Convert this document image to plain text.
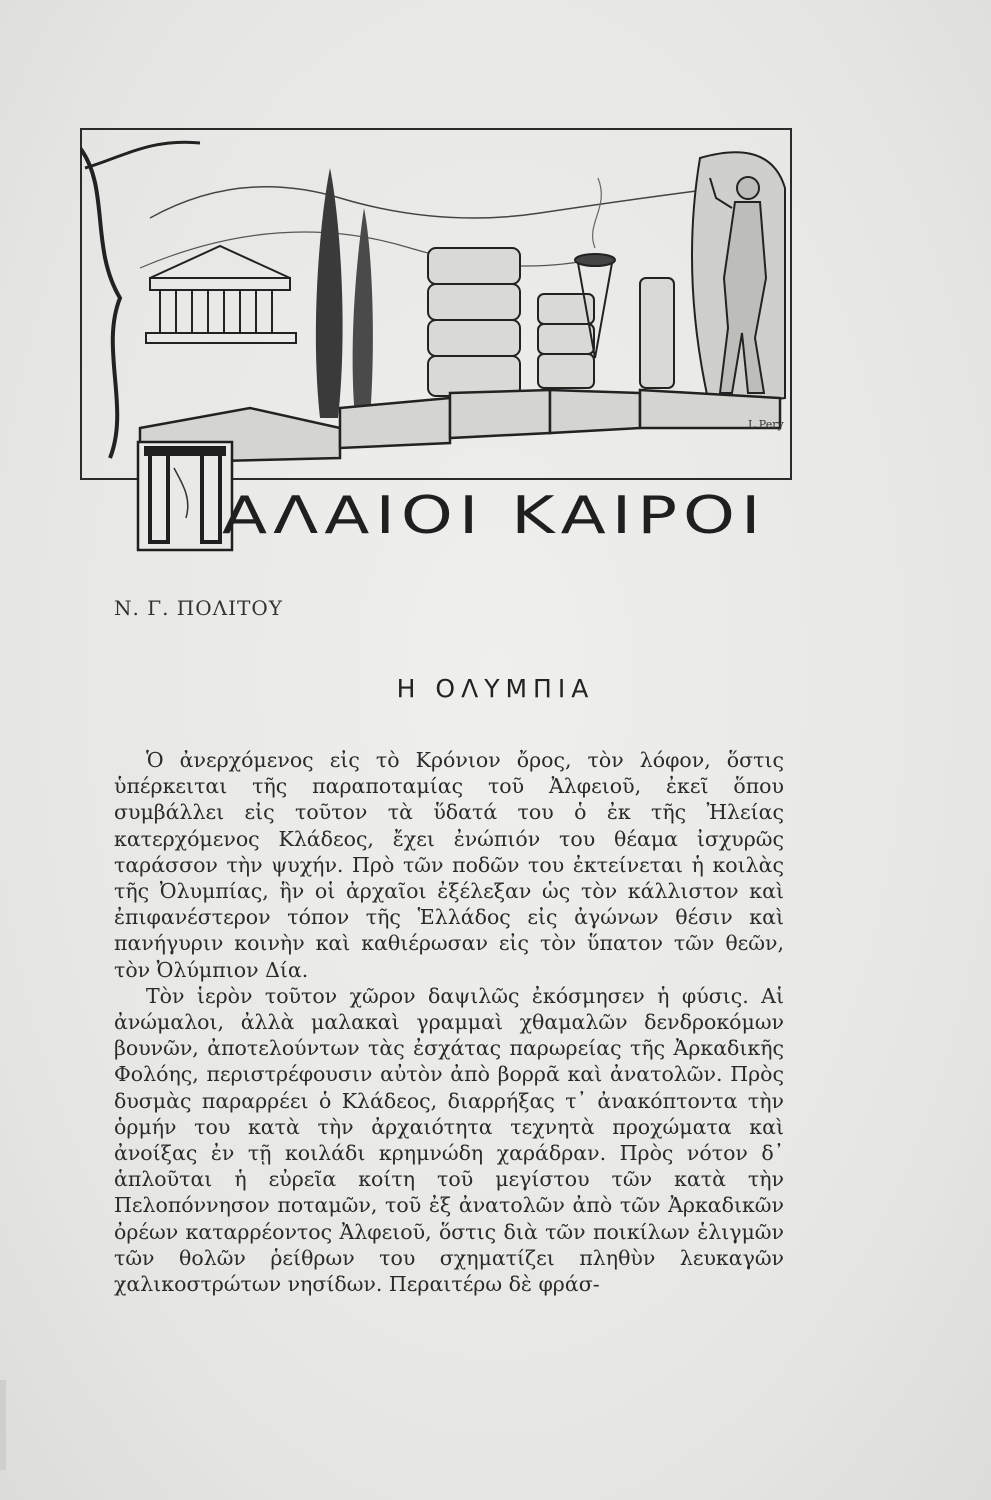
L.Pery
ΑΛΑΙΟΙ ΚΑΙΡΟΙ
Ν. Γ. ΠΟΛΙΤΟΥ
Η ΟΛΥΜΠΙΑ

Ὁ ἀνερχόμενος εἰς τὸ Κρόνιον ὄρος, τὸν λόφον, ὅστις ὑπέρκειται τῆς παραποταμίας τοῦ Ἀλφειοῦ, ἐκεῖ ὅπου συμβάλλει εἰς τοῦτον τὰ ὕδατά του ὁ ἐκ τῆς Ἠλείας κατερχόμενος Κλάδεος, ἔχει ἐνώπιόν του θέαμα ἰσχυρῶς ταράσσον τὴν ψυχήν. Πρὸ τῶν ποδῶν του ἐκτείνεται ἡ κοιλὰς τῆς Ὀλυμπίας, ἣν οἱ ἀρχαῖοι ἐξέλεξαν ὡς τὸν κάλλιστον καὶ ἐπιφανέστερον τόπον τῆς Ἑλλάδος εἰς ἀγώνων θέσιν καὶ πανήγυριν κοινὴν καὶ καθιέρωσαν εἰς τὸν ὕπατον τῶν θεῶν, τὸν Ὀλύμπιον Δία.

Τὸν ἱερὸν τοῦτον χῶρον δαψιλῶς ἐκόσμησεν ἡ φύσις. Αἱ ἀνώμαλοι, ἀλλὰ μαλακαὶ γραμμαὶ χθαμαλῶν δενδροκόμων βουνῶν, ἀποτελούντων τὰς ἐσχάτας παρωρείας τῆς Ἀρκαδικῆς Φολόης, περιστρέφουσιν αὐτὸν ἀπὸ βορρᾶ καὶ ἀνατολῶν. Πρὸς δυσμὰς παραρρέει ὁ Κλάδεος, διαρρήξας τ᾿ ἀνακόπτοντα τὴν ὁρμήν του κατὰ τὴν ἀρχαιότητα τεχνητὰ προχώματα καὶ ἀνοίξας ἐν τῇ κοιλάδι κρημνώδη χαράδραν. Πρὸς νότον δ᾿ ἁπλοῦται ἡ εὐρεῖα κοίτη τοῦ μεγίστου τῶν κατὰ τὴν Πελοπόννησον ποταμῶν, τοῦ ἐξ ἀνατολῶν ἀπὸ τῶν Ἀρκαδικῶν ὀρέων καταρρέοντος Ἀλφειοῦ, ὅστις διὰ τῶν ποικίλων ἑλιγμῶν τῶν θολῶν ῥείθρων του σχηματίζει πληθὺν λευκαγῶν χαλικοστρώτων νησίδων. Περαιτέρω δὲ φράσ-
